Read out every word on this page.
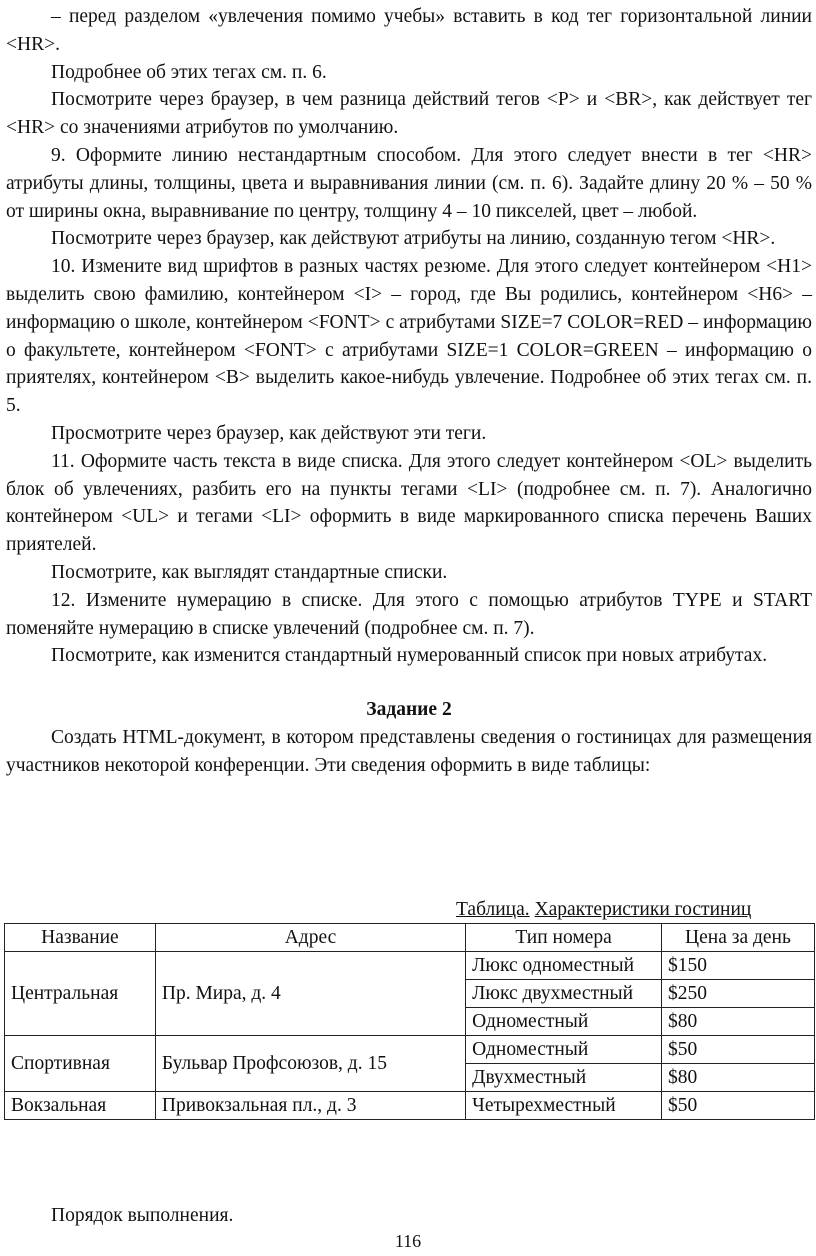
– перед разделом «увлечения помимо учебы» вставить в код тег горизонтальной линии <HR>.

Подробнее об этих тегах см. п. 6.

Посмотрите через браузер, в чем разница действий тегов <P> и <BR>, как действует тег <HR> со значениями атрибутов по умолчанию.

9. Оформите линию нестандартным способом. Для этого следует внести в тег <HR> атрибуты длины, толщины, цвета и выравнивания линии (см. п. 6). Задайте длину 20 % – 50 % от ширины окна, выравнивание по центру, толщину 4 – 10 пикселей, цвет – любой.

Посмотрите через браузер, как действуют атрибуты на линию, созданную тегом <HR>.

10. Измените вид шрифтов в разных частях резюме. Для этого следует контейнером <H1> выделить свою фамилию, контейнером <I> – город, где Вы родились, контейнером <H6> – информацию о школе, контейнером <FONT> с атрибутами SIZE=7 COLOR=RED – информацию о факультете, контейнером <FONT> с атрибутами SIZE=1 COLOR=GREEN – информацию о приятелях, контейнером <B> выделить какое-нибудь увлечение. Подробнее об этих тегах см. п. 5.

Просмотрите через браузер, как действуют эти теги.

11. Оформите часть текста в виде списка. Для этого следует контейнером <OL> выделить блок об увлечениях, разбить его на пункты тегами <LI> (подробнее см. п. 7). Аналогично контейнером <UL> и тегами <LI> оформить в виде маркированного списка перечень Ваших приятелей.

Посмотрите, как выглядят стандартные списки.

12. Измените нумерацию в списке. Для этого с помощью атрибутов TYPE и START поменяйте нумерацию в списке увлечений (подробнее см. п. 7).

Посмотрите, как изменится стандартный нумерованный список при новых атрибутах.

Задание 2

Создать HTML-документ, в котором представлены сведения о гостиницах для размещения участников некоторой конференции. Эти сведения оформить в виде таблицы:

Таблица. Характеристики гостиниц
Название	Адрес	Тип номера	Цена за день
Центральная	Пр. Мира, д. 4	Люкс одноместный	$150
		Люкс двухместный	$250
		Одноместный	$80
Спортивная	Бульвар Профсоюзов, д. 15	Одноместный	$50
		Двухместный	$80
Вокзальная	Привокзальная пл., д. 3	Четырехместный	$50
Порядок выполнения.
116
